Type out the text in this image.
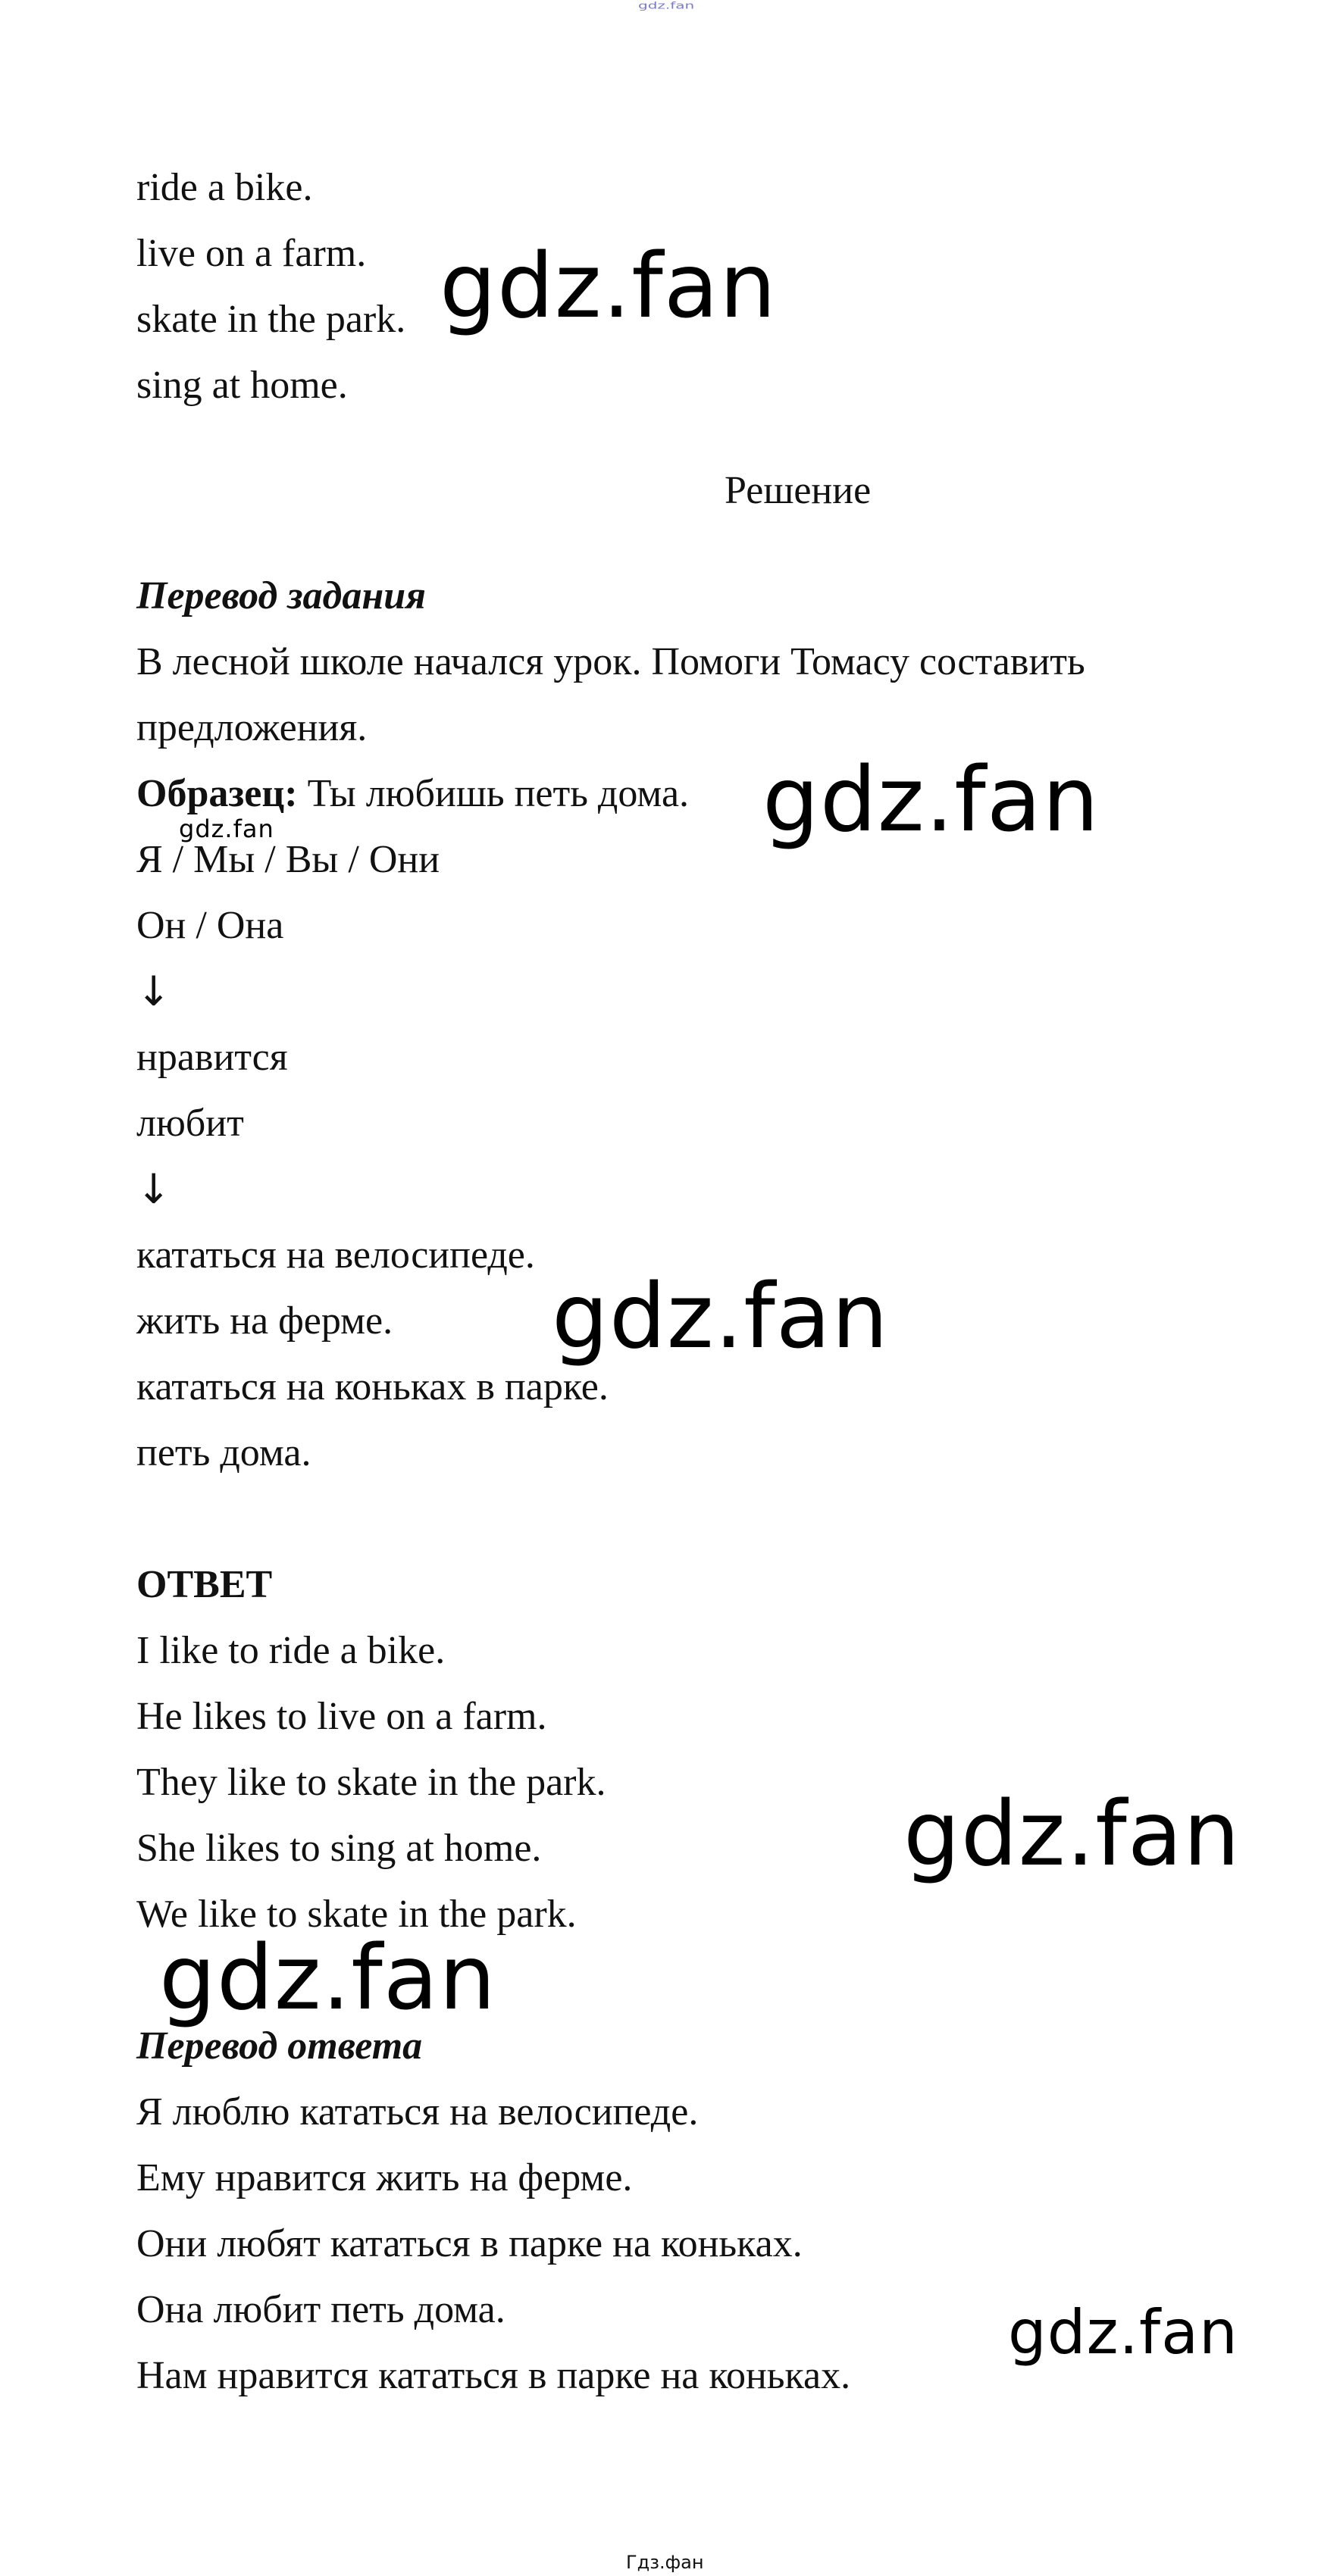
gdz.fan
ride a bike.
live on a farm.
skate in the park.
sing at home.
Решение
Перевод задания
В лесной школе начался урок. Помоги Томасу составить
предложения.
Образец: Ты любишь петь дома.
Я / Мы / Вы / Они
Он / Она
↓
нравится
любит
↓
кататься на велосипеде.
жить на ферме.
кататься на коньках в парке.
петь дома.
ОТВЕТ
I like to ride a bike.
He likes to live on a farm.
They like to skate in the park.
She likes to sing at home.
We like to skate in the park.
Перевод ответа
Я люблю кататься на велосипеде.
Ему нравится жить на ферме.
Они любят кататься в парке на коньках.
Она любит петь дома.
Нам нравится кататься в парке на коньках.
gdz.fan
gdz.fan
gdz.fan
gdz.fan
gdz.fan
gdz.fan
gdz.fan
Гдз.фан
